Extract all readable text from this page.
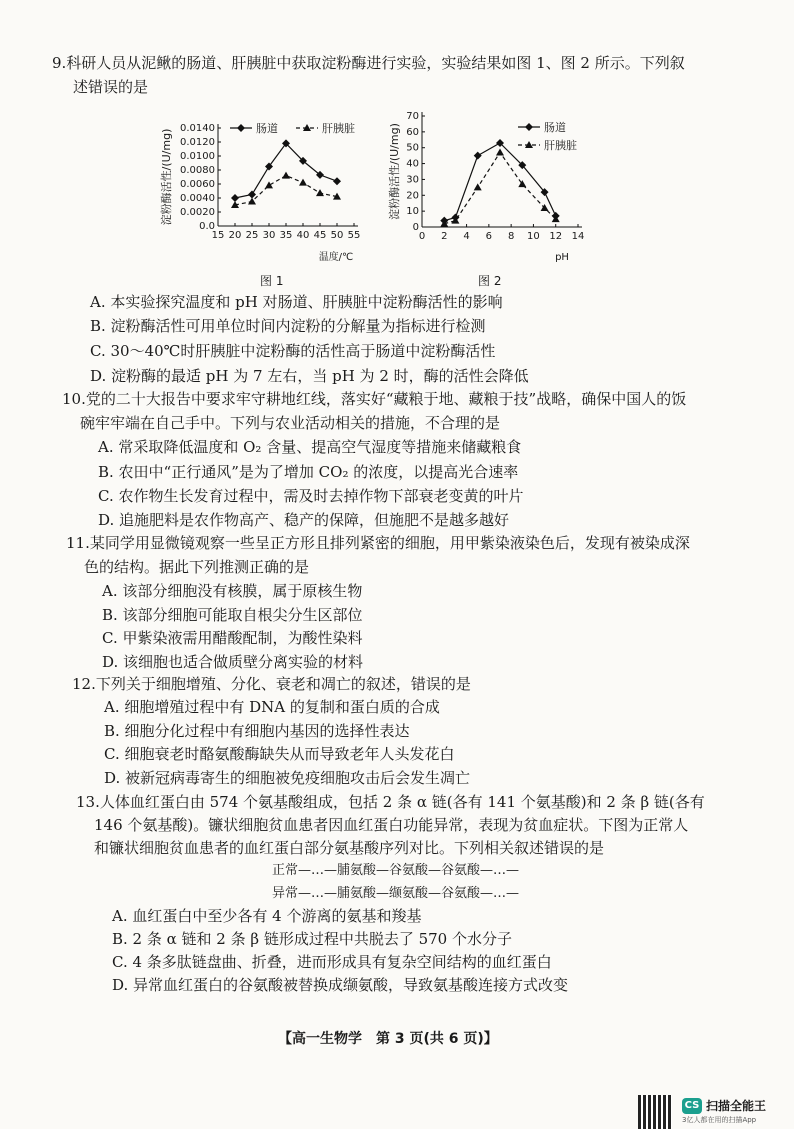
9.科研人员从泥鳅的肠道、肝胰脏中获取淀粉酶进行实验，实验结果如图 1、图 2 所示。下列叙
述错误的是
15 20 25 30 35 40 45 50 55
0.0
0.0020
0.0040
0.0060
0.0080
0.0100
0.0120
0.0140
温度/℃
淀粉酶活性/(U/mg)
肠道	肝胰脏
图 1
0 2 4 6 8 10 12 14
0
10
20
30
40
50
60
70
pH
淀粉酶活性/(U/mg)	肠道
肝胰脏
图 2
A. 本实验探究温度和 pH 对肠道、肝胰脏中淀粉酶活性的影响
B. 淀粉酶活性可用单位时间内淀粉的分解量为指标进行检测
C. 30～40℃时肝胰脏中淀粉酶的活性高于肠道中淀粉酶活性
D. 淀粉酶的最适 pH 为 7 左右，当 pH 为 2 时，酶的活性会降低
10.党的二十大报告中要求牢守耕地红线，落实好“藏粮于地、藏粮于技”战略，确保中国人的饭
碗牢牢端在自己手中。下列与农业活动相关的措施，不合理的是
A. 常采取降低温度和 O₂ 含量、提高空气湿度等措施来储藏粮食
B. 农田中“正行通风”是为了增加 CO₂ 的浓度，以提高光合速率
C. 农作物生长发育过程中，需及时去掉作物下部衰老变黄的叶片
D. 追施肥料是农作物高产、稳产的保障，但施肥不是越多越好
11.某同学用显微镜观察一些呈正方形且排列紧密的细胞，用甲紫染液染色后，发现有被染成深
色的结构。据此下列推测正确的是
A. 该部分细胞没有核膜，属于原核生物
B. 该部分细胞可能取自根尖分生区部位
C. 甲紫染液需用醋酸配制，为酸性染料
D. 该细胞也适合做质壁分离实验的材料
12.下列关于细胞增殖、分化、衰老和凋亡的叙述，错误的是
A. 细胞增殖过程中有 DNA 的复制和蛋白质的合成
B. 细胞分化过程中有细胞内基因的选择性表达
C. 细胞衰老时酪氨酸酶缺失从而导致老年人头发花白
D. 被新冠病毒寄生的细胞被免疫细胞攻击后会发生凋亡
13.人体血红蛋白由 574 个氨基酸组成，包括 2 条 α 链(各有 141 个氨基酸)和 2 条 β 链(各有
146 个氨基酸)。镰状细胞贫血患者因血红蛋白功能异常，表现为贫血症状。下图为正常人
和镰状细胞贫血患者的血红蛋白部分氨基酸序列对比。下列相关叙述错误的是
正常—…—脯氨酸—谷氨酸—谷氨酸—…—
异常—…—脯氨酸—缬氨酸—谷氨酸—…—
A. 血红蛋白中至少各有 4 个游离的氨基和羧基
B. 2 条 α 链和 2 条 β 链形成过程中共脱去了 570 个水分子
C. 4 条多肽链盘曲、折叠，进而形成具有复杂空间结构的血红蛋白
D. 异常血红蛋白的谷氨酸被替换成缬氨酸，导致氨基酸连接方式改变
【高一生物学　第 3 页(共 6 页)】
CS 扫描全能王
3亿人都在用的扫描App
